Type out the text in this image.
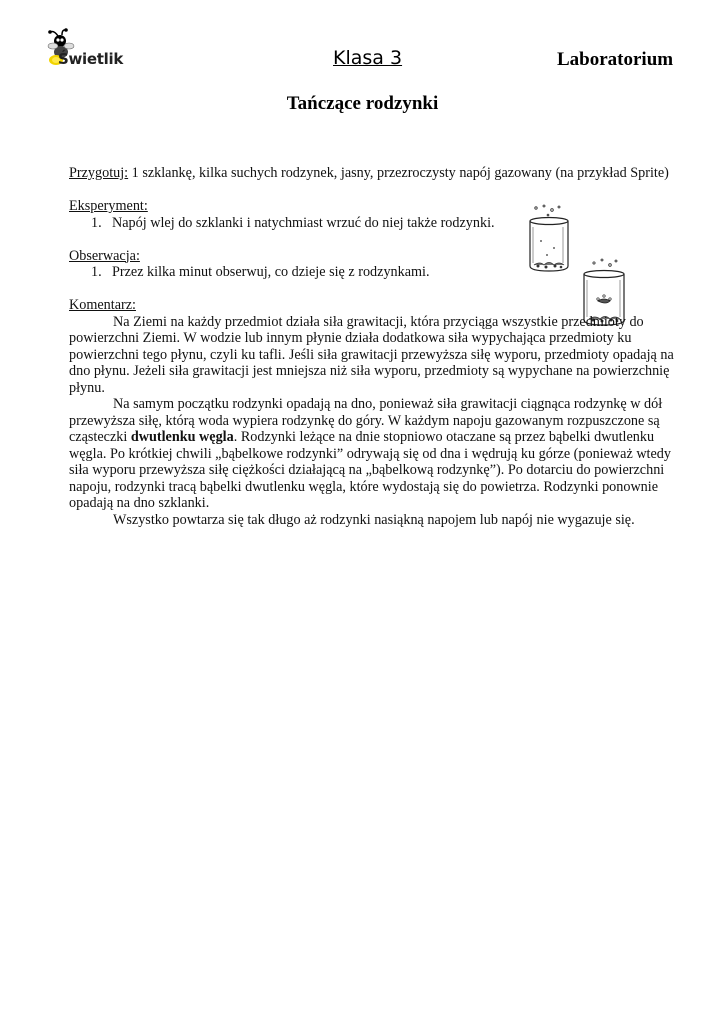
Świetlik	Klasa 3	Laboratorium
Tańczące rodzynki

Przygotuj: 1 szklankę, kilka suchych rodzynek, jasny, przezroczysty napój gazowany (na przykład Sprite)

Eksperyment:

1. Napój wlej do szklanki i natychmiast wrzuć do niej także rodzynki.

Obserwacja:

1. Przez kilka minut obserwuj, co dzieje się z rodzynkami.

Komentarz:

Na Ziemi na każdy przedmiot działa siła grawitacji, która przyciąga wszystkie przedmioty do powierzchni Ziemi. W wodzie lub innym płynie działa dodatkowa siła wypychająca przedmioty ku powierzchni tego płynu, czyli ku tafli. Jeśli siła grawitacji przewyższa siłę wyporu, przedmioty opadają na dno płynu. Jeżeli siła grawitacji jest mniejsza niż siła wyporu, przedmioty są wypychane na powierzchnię płynu.

Na samym początku rodzynki opadają na dno, ponieważ siła grawitacji ciągnąca rodzynkę w dół przewyższa siłę, którą woda wypiera rodzynkę do góry. W każdym napoju gazowanym rozpuszczone są cząsteczki dwutlenku węgla. Rodzynki leżące na dnie stopniowo otaczane są przez bąbelki dwutlenku węgla. Po krótkiej chwili „bąbelkowe rodzynki” odrywają się od dna i wędrują ku górze (ponieważ wtedy siła wyporu przewyższa siłę ciężkości działającą na „bąbelkową rodzynkę”). Po dotarciu do powierzchni napoju, rodzynki tracą bąbelki dwutlenku węgla, które wydostają się do powietrza. Rodzynki ponownie opadają na dno szklanki.

Wszystko powtarza się tak długo aż rodzynki nasiąkną napojem lub napój nie wygazuje się.
